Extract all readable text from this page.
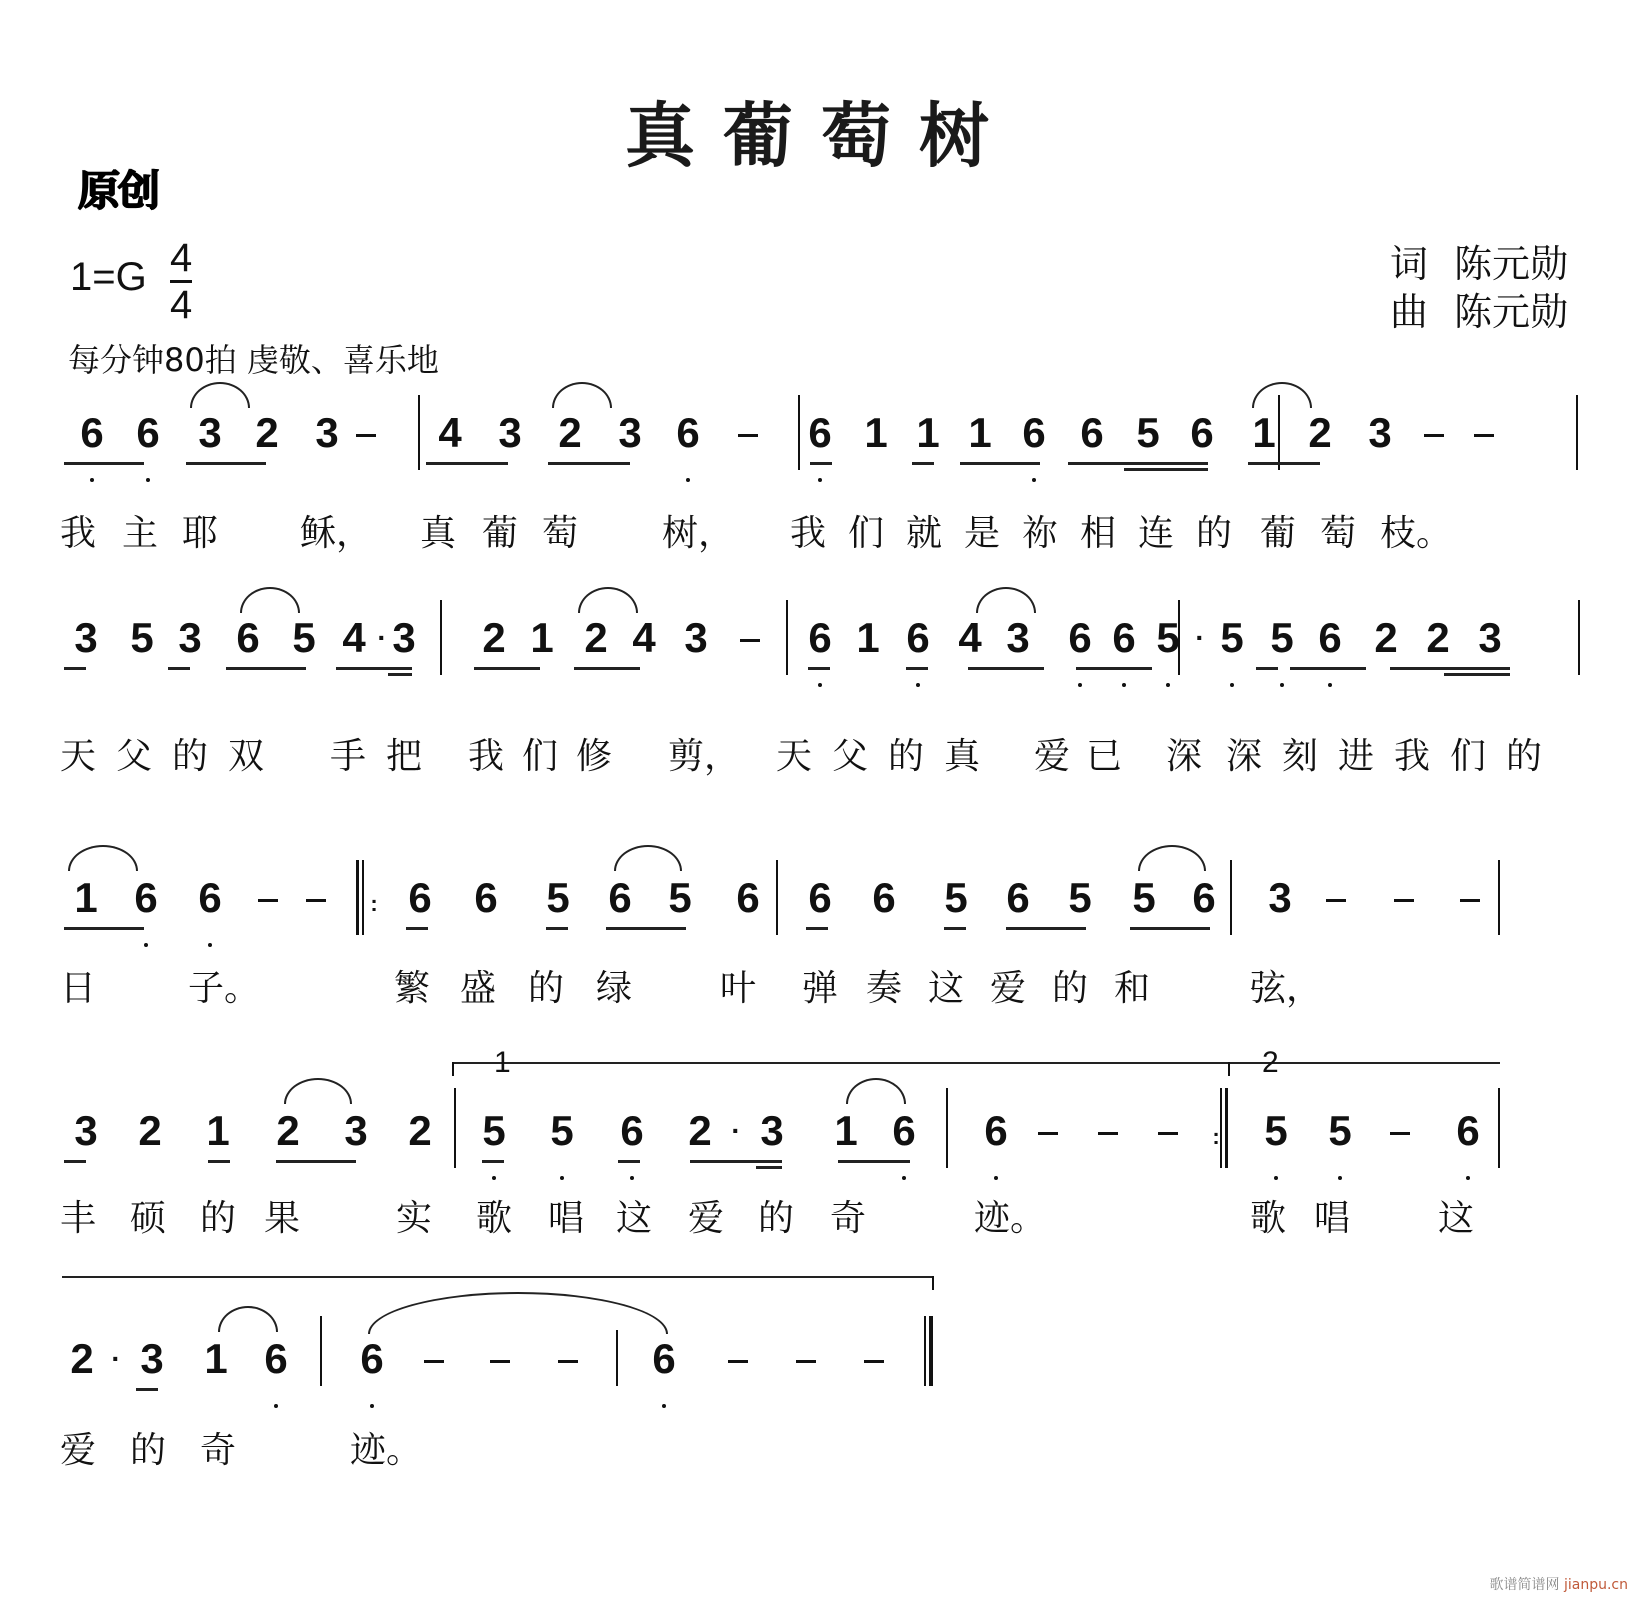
真葡萄树
原创
1=G 4
4
每分钟80拍 虔敬、喜乐地
词 陈元勋
曲 陈元勋
6 6 3 2 3 4 3 2 3 6	6 1 1 1 6 6 5 6 1 2 3
我 主 耶 稣， 真 葡 萄 树， 我 们 就 是 祢 相 连 的 葡 萄 枝。
3 5 3 6 5 4 · 3 2 1 2 4 3 6 1 6 4 3 6 6 5 · 5 5 6 2 2 3
天 父 的 双 手 把 我 们 修 剪， 天 父 的 真 爱 已 深 深 刻 进 我 们 的
:
1 6 6	6 6 5 6 5 6 6 6 5 6 5 5 6 3
日	子。	繁 盛 的 绿 叶 弹 奏 这 爱 的 和	弦，
1	2
:
3 2 1 2 3 2 5 5 6 2 · 3 1 6 6	5 5 6
丰 硕 的 果	实 歌 唱 这 爱 的 奇	迹。	歌 唱 这
2 · 3 1 6 6	6
爱 的 奇	迹。
歌谱简谱网 jianpu.cn
